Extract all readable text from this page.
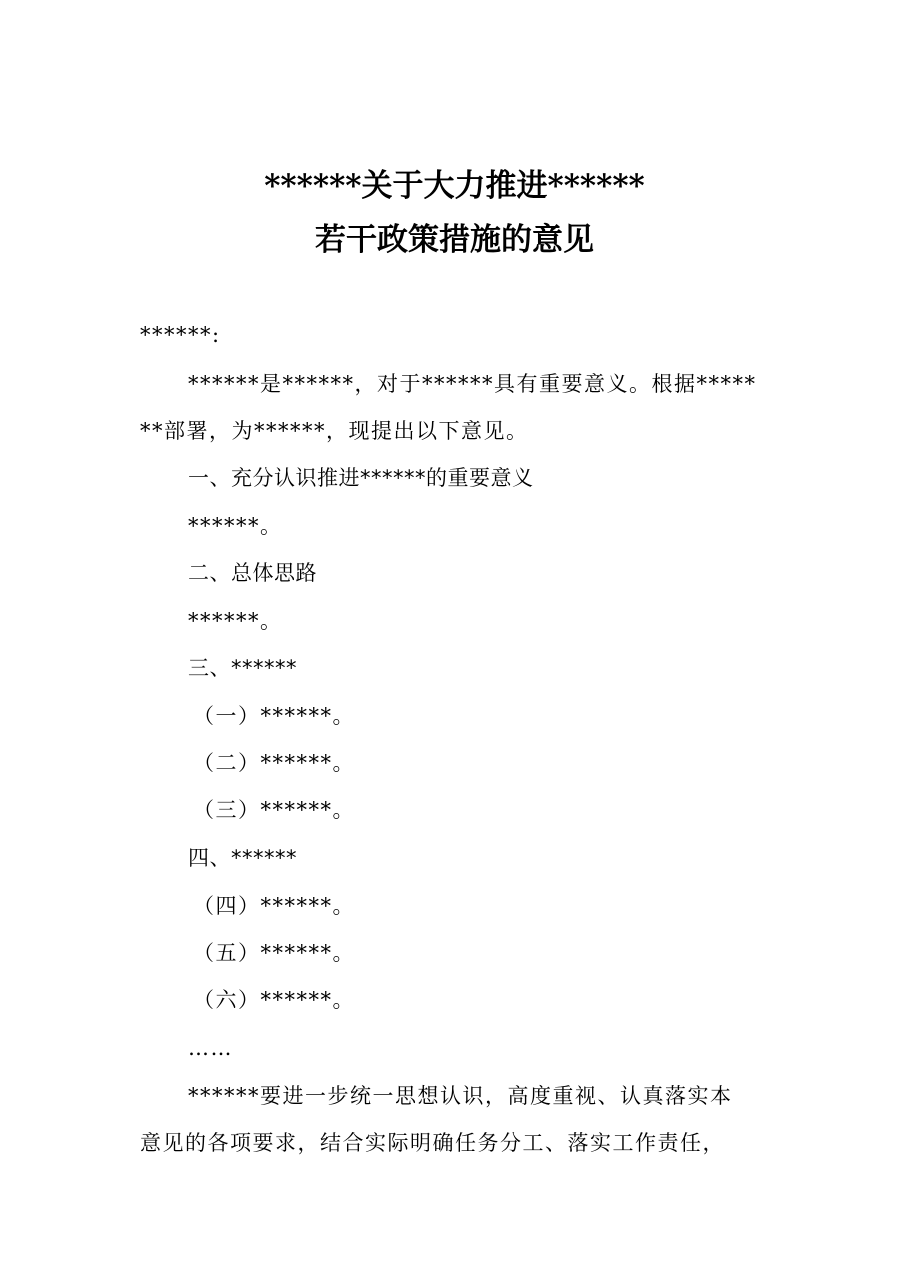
******关于大力推进******
若干政策措施的意见
******:
******是******，对于******具有重要意义。根据*****
**部署，为******，现提出以下意见。
一、充分认识推进******的重要意义
******。
二、总体思路
******。
三、******
（一）******。
（二）******。
（三）******。
四、******
（四）******。
（五）******。
（六）******。
……
******要进一步统一思想认识，高度重视、认真落实本
意见的各项要求，结合实际明确任务分工、落实工作责任，
